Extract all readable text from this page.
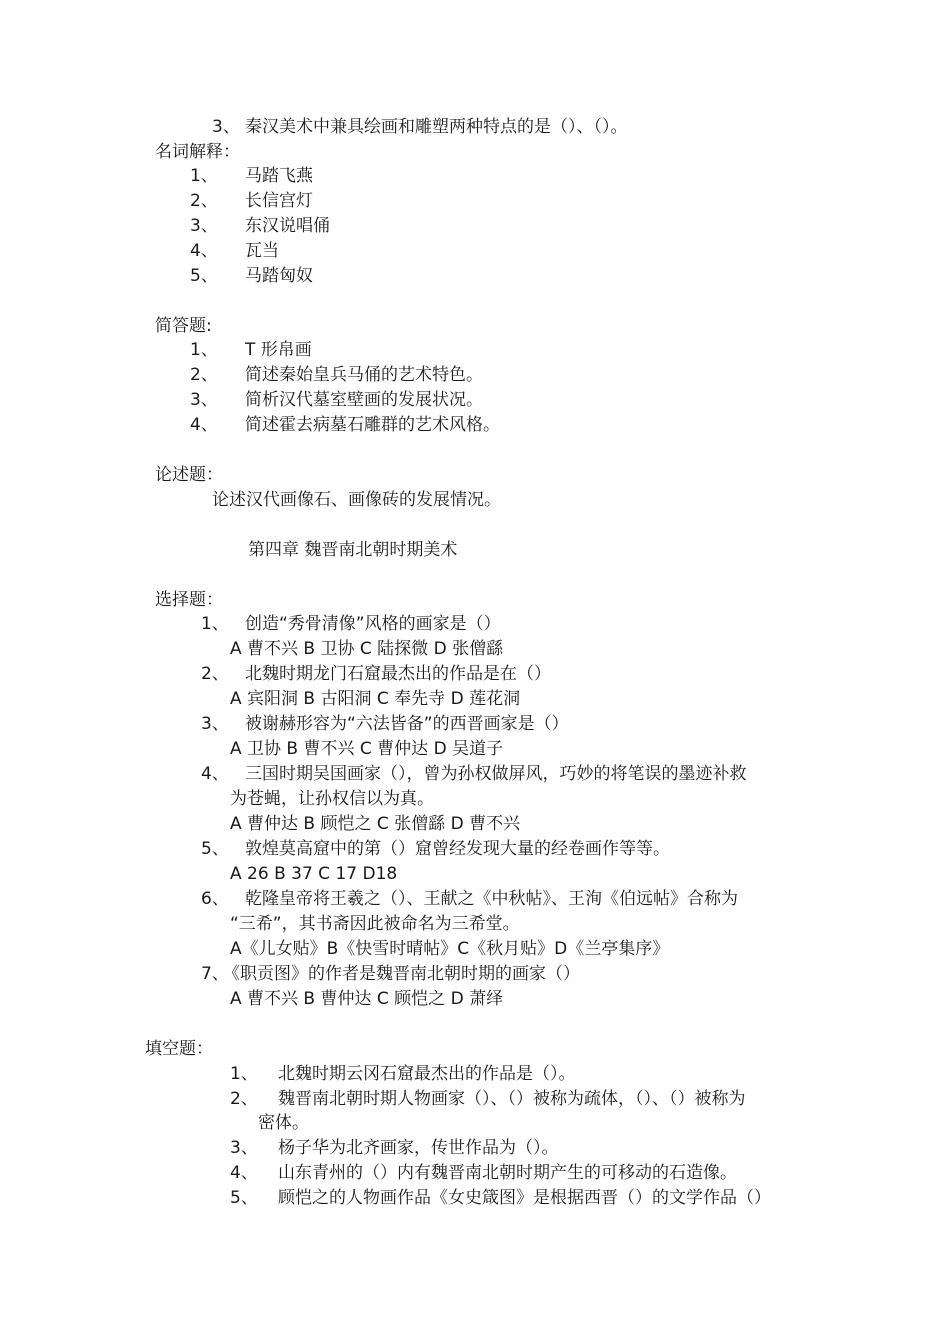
3、 秦汉美术中兼具绘画和雕塑两种特点的是（）、（）。
名词解释：
1、 马踏飞燕
2、 长信宫灯
3、 东汉说唱俑
4、 瓦当
5、 马踏匈奴
简答题:
1、 T 形帛画
2、 简述秦始皇兵马俑的艺术特色。
3、 简析汉代墓室壁画的发展状况。
4、 简述霍去病墓石雕群的艺术风格。
论述题：
论述汉代画像石、画像砖的发展情况。
第四章 魏晋南北朝时期美术
选择题：
1、 创造“秀骨清像”风格的画家是（）
A 曹不兴 B 卫协 C 陆探微 D 张僧繇
2、 北魏时期龙门石窟最杰出的作品是在（）
A 宾阳洞 B 古阳洞 C 奉先寺 D 莲花洞
3、 被谢赫形容为“六法皆备”的西晋画家是（）
A 卫协 B 曹不兴 C 曹仲达 D 吴道子
4、 三国时期吴国画家（），曾为孙权做屏风，巧妙的将笔误的墨迹补救
为苍蝇，让孙权信以为真。
A 曹仲达 B 顾恺之 C 张僧繇 D 曹不兴
5、 敦煌莫高窟中的第（）窟曾经发现大量的经卷画作等等。
A 26 B 37 C 17 D18
6、 乾隆皇帝将王羲之（）、王献之《中秋帖》、王洵《伯远帖》合称为
“三希”，其书斋因此被命名为三希堂。
A《儿女贴》B《快雪时晴帖》C《秋月贴》D《兰亭集序》
7、
《职贡图》的作者是魏晋南北朝时期的画家（）
A 曹不兴 B 曹仲达 C 顾恺之 D 萧绎
填空题：
1、 北魏时期云冈石窟最杰出的作品是（）。
2、 魏晋南北朝时期人物画家（）、（）被称为疏体，（）、（）被称为
密体。
3、 杨子华为北齐画家，传世作品为（）。
4、 山东青州的（）内有魏晋南北朝时期产生的可移动的石造像。
5、 顾恺之的人物画作品《女史箴图》是根据西晋（）的文学作品（）
